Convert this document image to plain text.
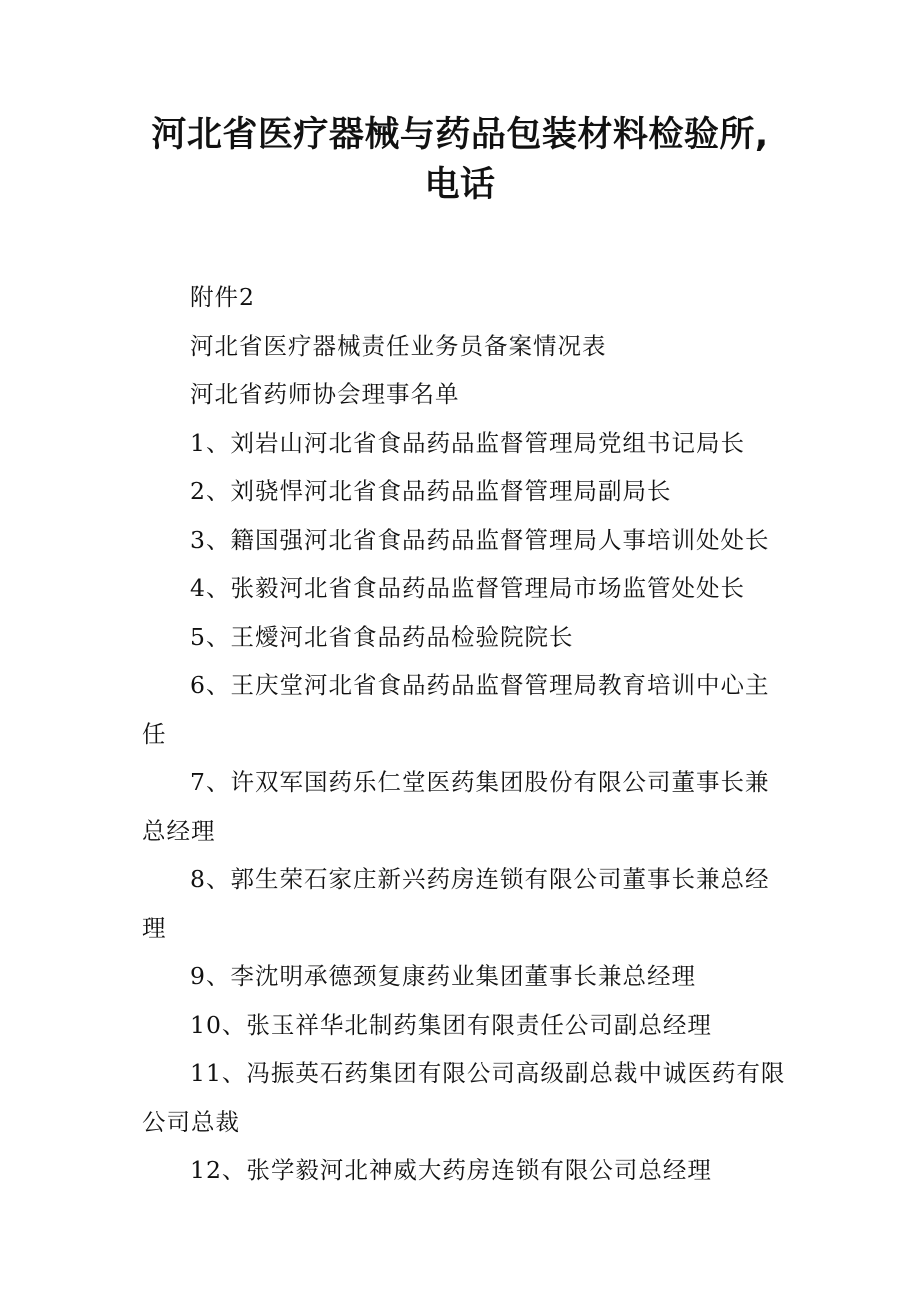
河北省医疗器械与药品包装材料检验所,
电话

附件2

河北省医疗器械责任业务员备案情况表

河北省药师协会理事名单

1、刘岩山河北省食品药品监督管理局党组书记局长

2、刘骁悍河北省食品药品监督管理局副局长

3、籍国强河北省食品药品监督管理局人事培训处处长

4、张毅河北省食品药品监督管理局市场监管处处长

5、王燰河北省食品药品检验院院长

6、王庆堂河北省食品药品监督管理局教育培训中心主任

7、许双军国药乐仁堂医药集团股份有限公司董事长兼总经理

8、郭生荣石家庄新兴药房连锁有限公司董事长兼总经理

9、李沈明承德颈复康药业集团董事长兼总经理

10、张玉祥华北制药集团有限责任公司副总经理

11、冯振英石药集团有限公司高级副总裁中诚医药有限公司总裁

12、张学毅河北神威大药房连锁有限公司总经理
